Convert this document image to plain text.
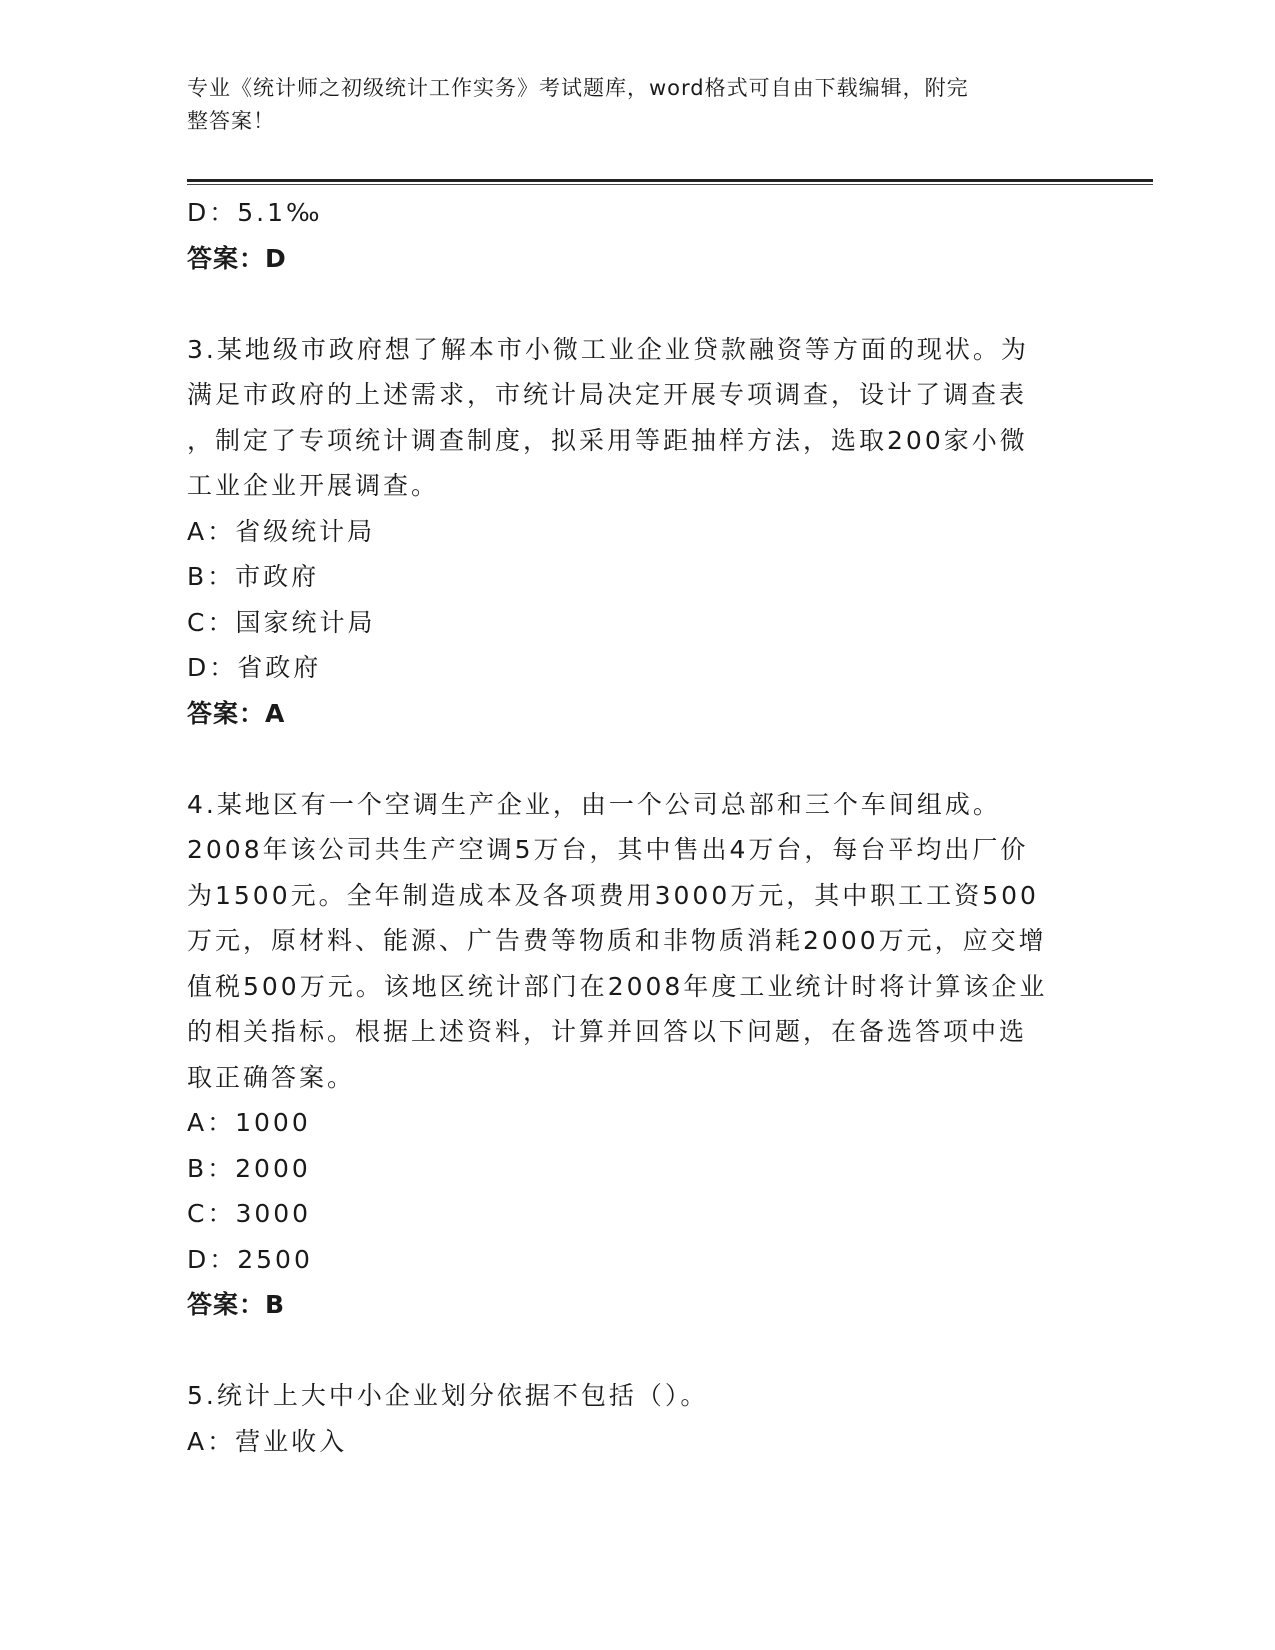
专业《统计师之初级统计工作实务》考试题库，word格式可自由下载编辑，附完
整答案！
D：5.1‰
答案：D
3.某地级市政府想了解本市小微工业企业贷款融资等方面的现状。为
满足市政府的上述需求，市统计局决定开展专项调查，设计了调查表
，制定了专项统计调查制度，拟采用等距抽样方法，选取200家小微
工业企业开展调查。
A：省级统计局
B：市政府
C：国家统计局
D：省政府
答案：A
4.某地区有一个空调生产企业，由一个公司总部和三个车间组成。
2008年该公司共生产空调5万台，其中售出4万台，每台平均出厂价
为1500元。全年制造成本及各项费用3000万元，其中职工工资500
万元，原材料、能源、广告费等物质和非物质消耗2000万元，应交增
值税500万元。该地区统计部门在2008年度工业统计时将计算该企业
的相关指标。根据上述资料，计算并回答以下问题，在备选答项中选
取正确答案。
A：1000
B：2000
C：3000
D：2500
答案：B
5.统计上大中小企业划分依据不包括（）。
A：营业收入
